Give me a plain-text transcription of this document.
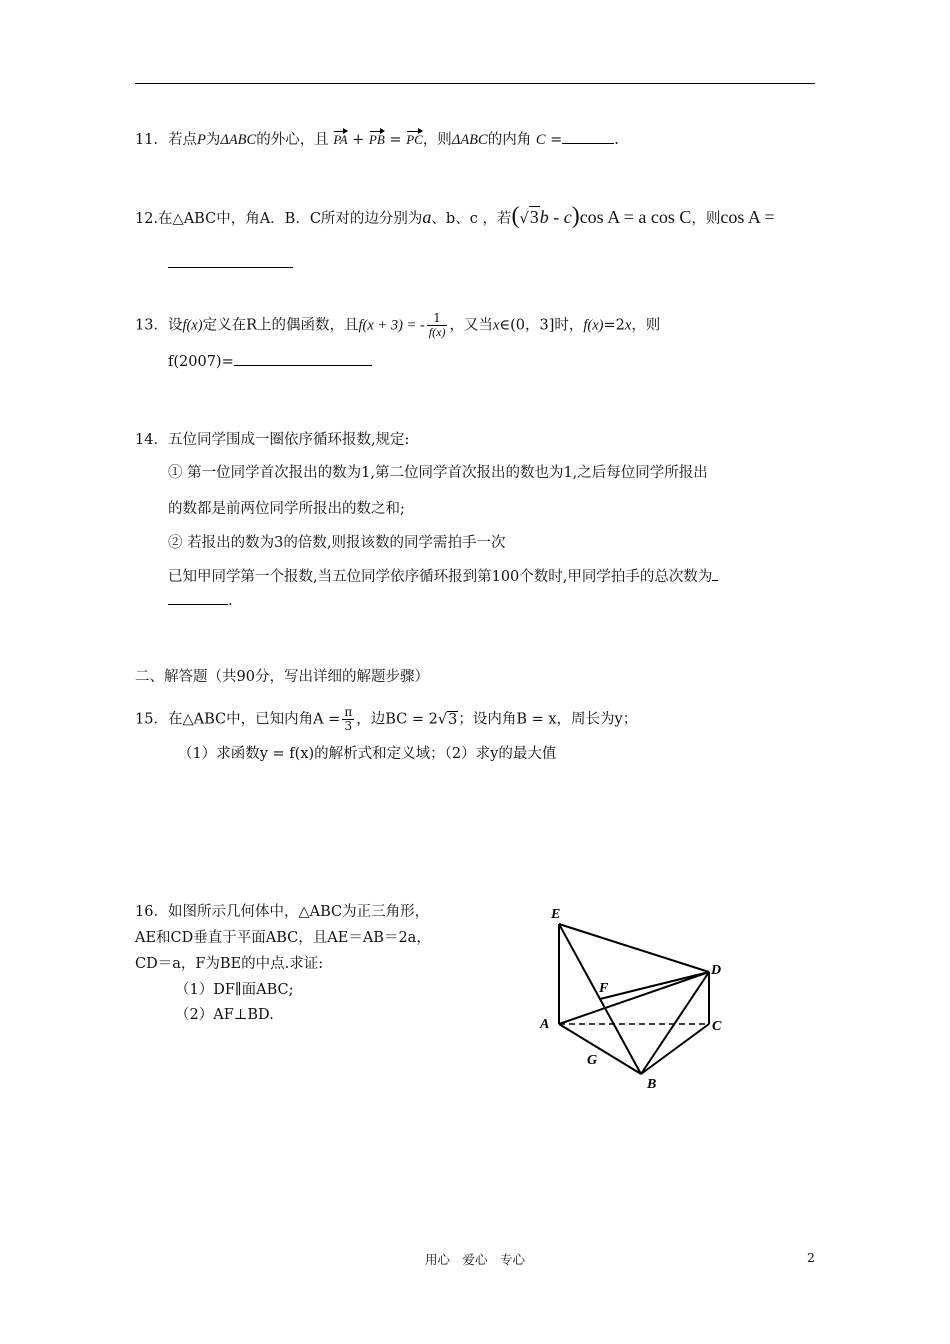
11．若点P为ΔABC的外心，且 PA + PB = PC，则ΔABC的内角 C =	.
12.在△ABC中，角A．B．C所对的边分别为a、b、c ，若(√3b - c)cos A = a cos C，则cos A =
13．设f(x)定义在R上的偶函数，且f(x + 3) = - $\frac{1}{f(x)}$ ，又当x∈(0，3]时，f(x)=2x，则
f(2007)=
14．五位同学围成一圈依序循环报数,规定:
① 第一位同学首次报出的数为1,第二位同学首次报出的数也为1,之后每位同学所报出
的数都是前两位同学所报出的数之和;
② 若报出的数为3的倍数,则报该数的同学需拍手一次
已知甲同学第一个报数,当五位同学依序循环报到第100个数时,甲同学拍手的总次数为
.
二、解答题（共90分，写出详细的解题步骤）
15．在△ABC中，已知内角$A = \frac{\pi}{3}$ ，边BC = 2√3；设内角B = x，周长为y；
（1）求函数y = f(x)的解析式和定义域；（2）求y的最大值
16．如图所示几何体中，△ABC为正三角形，
AE和CD垂直于平面ABC，且AE＝AB＝2a，
CD＝a，F为BE的中点.求证:
（1）DF∥面ABC;
（2）AF⊥BD.
E
F
D
A	C
G
B
用心　爱心　专心	2
